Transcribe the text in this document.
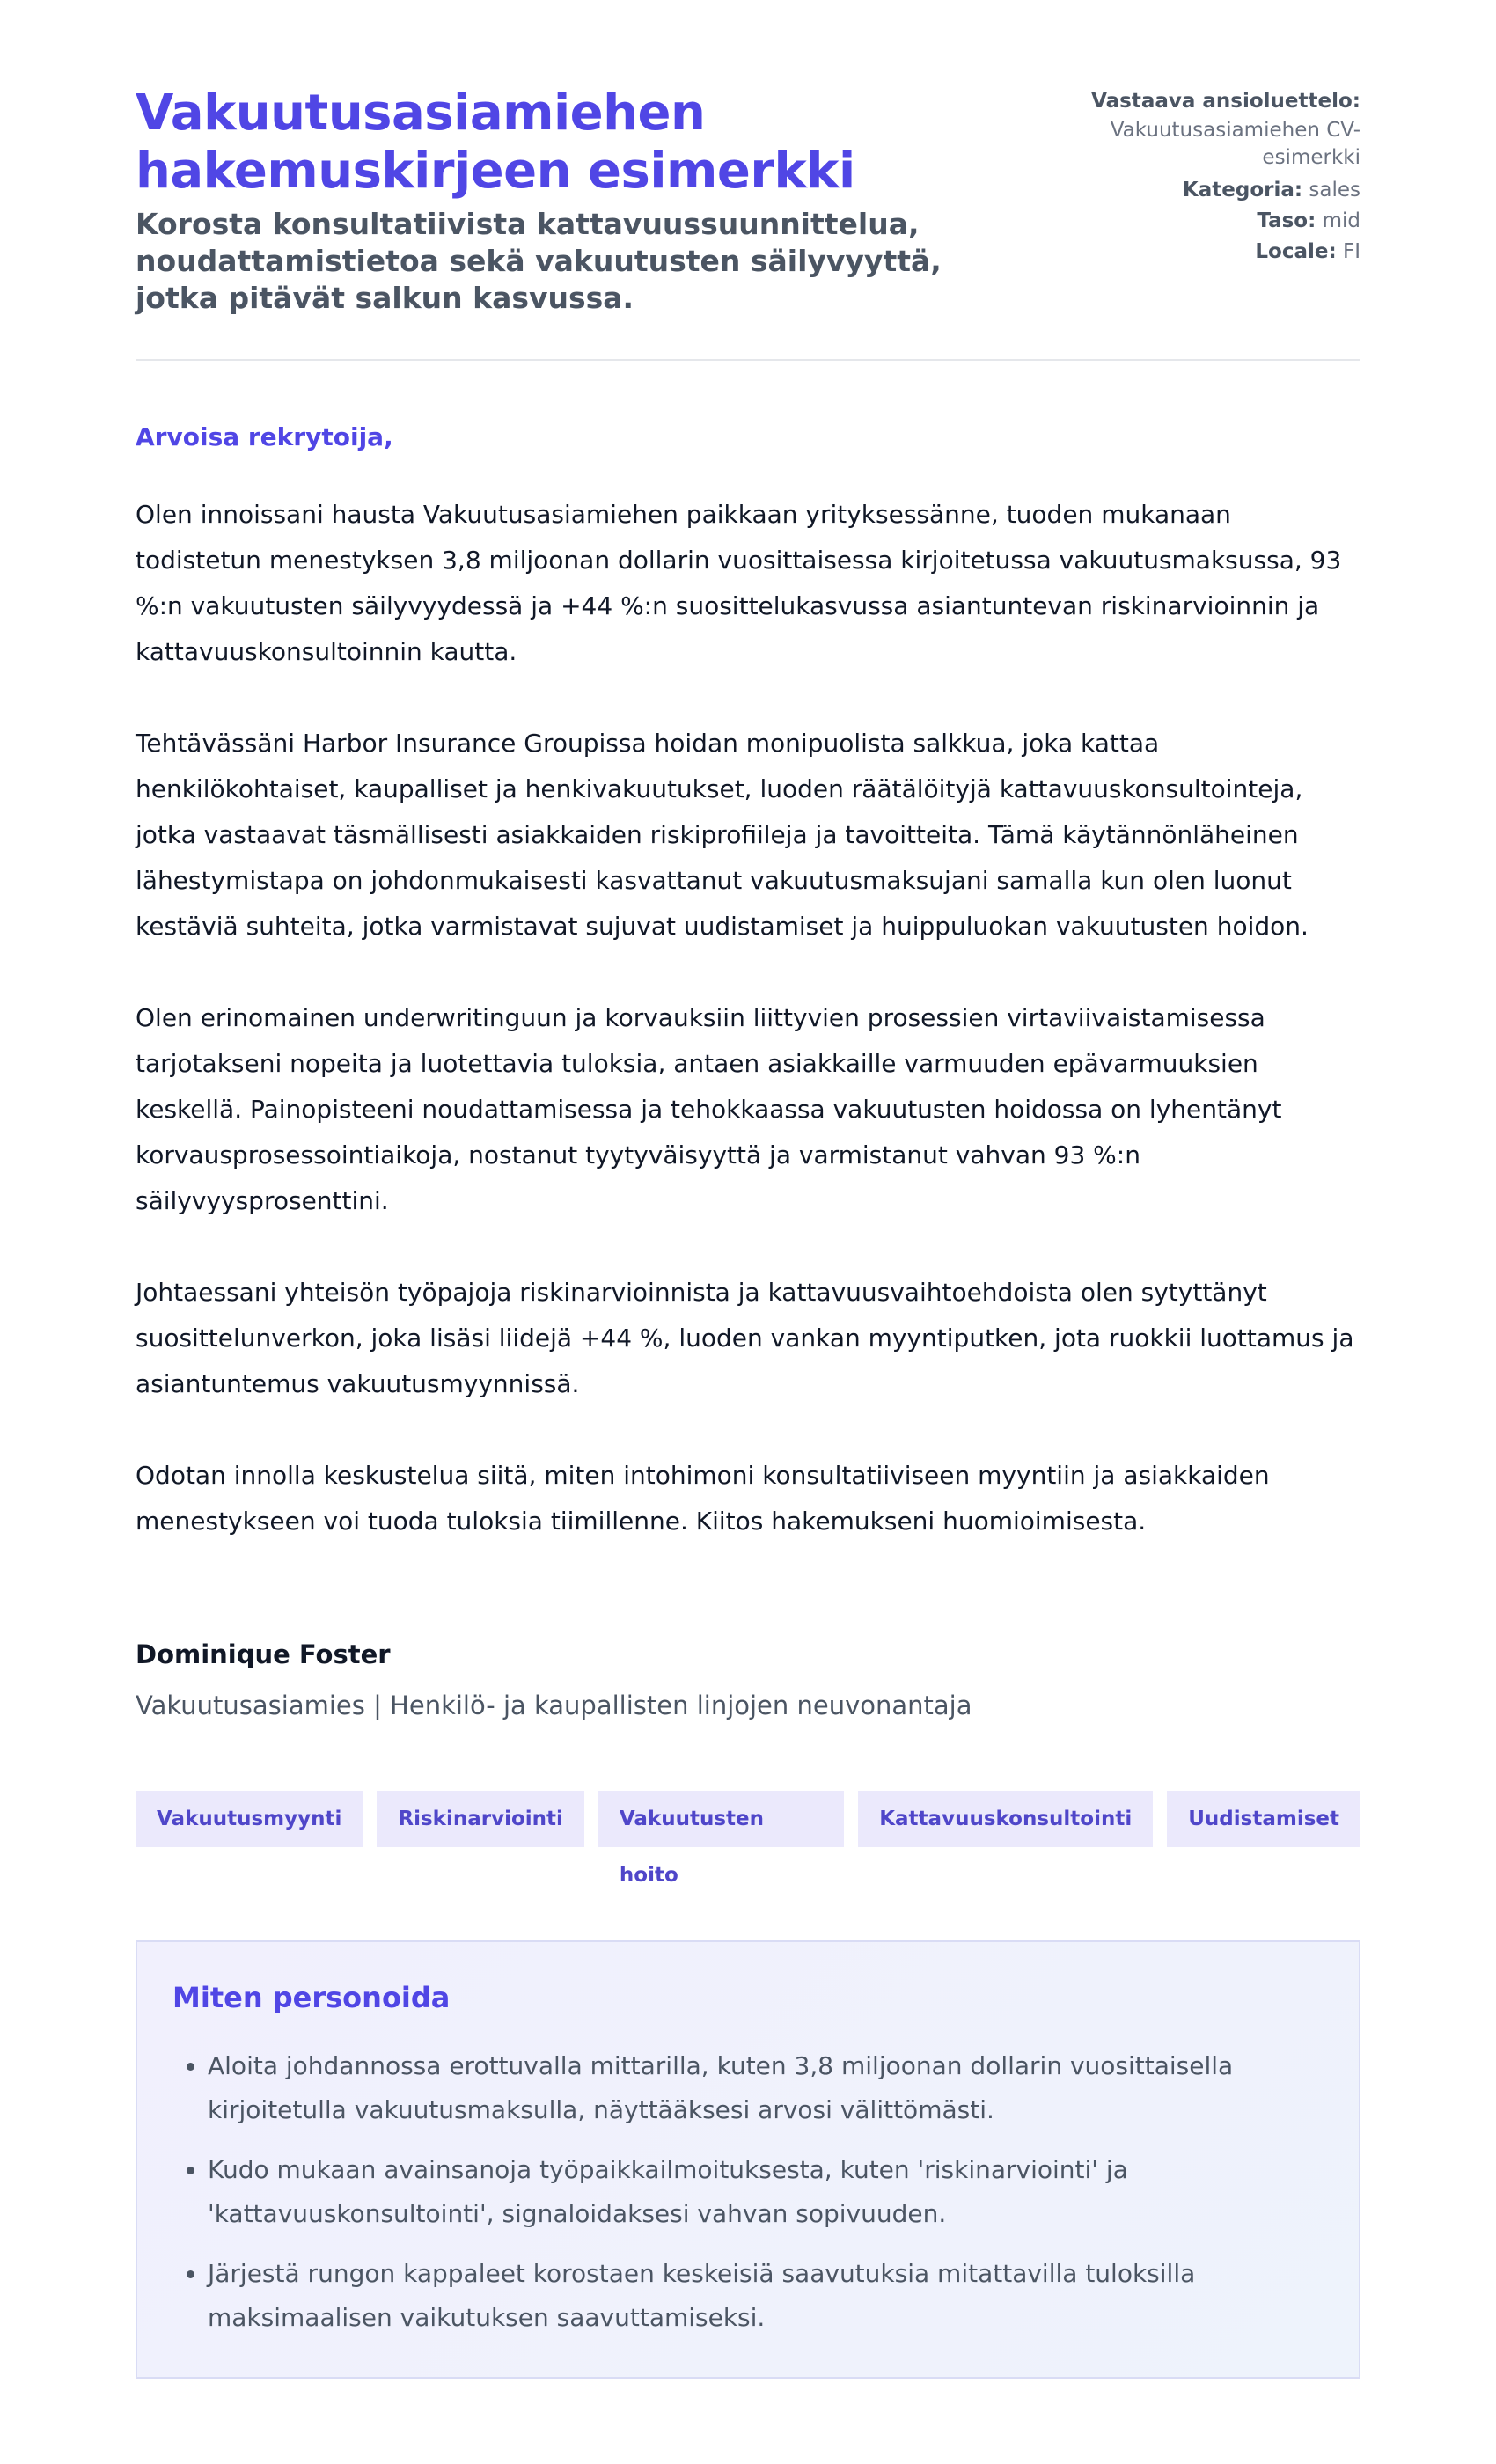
Vakuutusasiamiehen hakemuskirjeen esimerkki

Korosta konsultatiivista kattavuussuunnittelua, noudattamistietoa sekä vakuutusten säilyvyyttä, jotka pitävät salkun kasvussa.

Vastaava ansioluettelo:
Vakuutusasiamiehen CV-esimerkki
Kategoria: sales
Taso: mid
Locale: FI
Arvoisa rekrytoija,

Olen innoissani hausta Vakuutusasiamiehen paikkaan yrityksessänne, tuoden mukanaan todistetun menestyksen 3,8 miljoonan dollarin vuosittaisessa kirjoitetussa vakuutusmaksussa, 93 %:n vakuutusten säilyvyydessä ja +44 %:n suosittelukasvussa asiantuntevan riskinarvioinnin ja kattavuuskonsultoinnin kautta.

Tehtävässäni Harbor Insurance Groupissa hoidan monipuolista salkkua, joka kattaa henkilökohtaiset, kaupalliset ja henkivakuutukset, luoden räätälöityjä kattavuuskonsultointeja, jotka vastaavat täsmällisesti asiakkaiden riskiprofiileja ja tavoitteita. Tämä käytännönläheinen lähestymistapa on johdonmukaisesti kasvattanut vakuutusmaksujani samalla kun olen luonut kestäviä suhteita, jotka varmistavat sujuvat uudistamiset ja huippuluokan vakuutusten hoidon.

Olen erinomainen underwritinguun ja korvauksiin liittyvien prosessien virtaviivaistamisessa tarjotakseni nopeita ja luotettavia tuloksia, antaen asiakkaille varmuuden epävarmuuksien keskellä. Painopisteeni noudattamisessa ja tehokkaassa vakuutusten hoidossa on lyhentänyt korvausprosessointiaikoja, nostanut tyytyväisyyttä ja varmistanut vahvan 93 %:n säilyvyysprosenttini.

Johtaessani yhteisön työpajoja riskinarvioinnista ja kattavuusvaihtoehdoista olen sytyttänyt suosittelunverkon, joka lisäsi liidejä +44 %, luoden vankan myyntiputken, jota ruokkii luottamus ja asiantuntemus vakuutusmyynnissä.

Odotan innolla keskustelua siitä, miten intohimoni konsultatiiviseen myyntiin ja asiakkaiden menestykseen voi tuoda tuloksia tiimillenne. Kiitos hakemukseni huomioimisesta.

Dominique Foster
Vakuutusasiamies | Henkilö- ja kaupallisten linjojen neuvonantaja
Vakuutusmyynti	Riskinarviointi	Vakuutusten hoito
Kattavuuskonsultointi	Uudistamiset
Miten personoida
• Aloita johdannossa erottuvalla mittarilla, kuten 3,8 miljoonan dollarin vuosittaisella kirjoitetulla vakuutusmaksulla, näyttääksesi arvosi välittömästi.
• Kudo mukaan avainsanoja työpaikkailmoituksesta, kuten 'riskinarviointi' ja 'kattavuuskonsultointi', signaloidaksesi vahvan sopivuuden.
• Järjestä rungon kappaleet korostaen keskeisiä saavutuksia mitattavilla tuloksilla maksimaalisen vaikutuksen saavuttamiseksi.
